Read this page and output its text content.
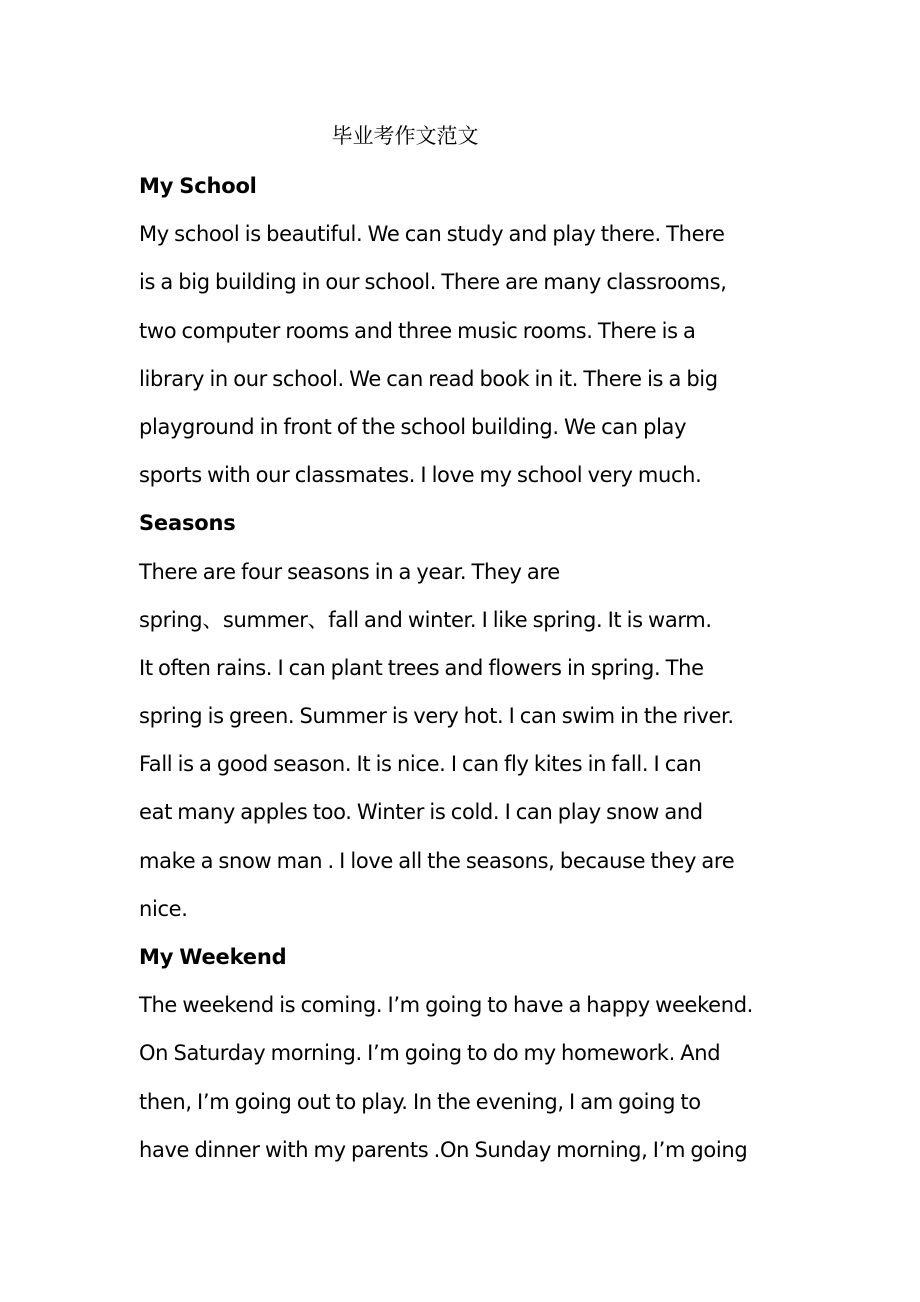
毕业考作文范文
My School
My school is beautiful. We can study and play there. There
is a big building in our school. There are many classrooms,
two computer rooms and three music rooms. There is a
library in our school. We can read book in it. There is a big
playground in front of the school building. We can play
sports with our classmates. I love my school very much.
Seasons
There are four seasons in a year. They are
spring、summer、fall and winter. I like spring. It is warm.
It often rains. I can plant trees and flowers in spring. The
spring is green. Summer is very hot. I can swim in the river.
Fall is a good season. It is nice. I can fly kites in fall. I can
eat many apples too. Winter is cold. I can play snow and
make a snow man . I love all the seasons, because they are
nice.
My Weekend
The weekend is coming. I’m going to have a happy weekend.
On Saturday morning. I’m going to do my homework. And
then, I’m going out to play. In the evening, I am going to
have dinner with my parents .On Sunday morning, I’m going
